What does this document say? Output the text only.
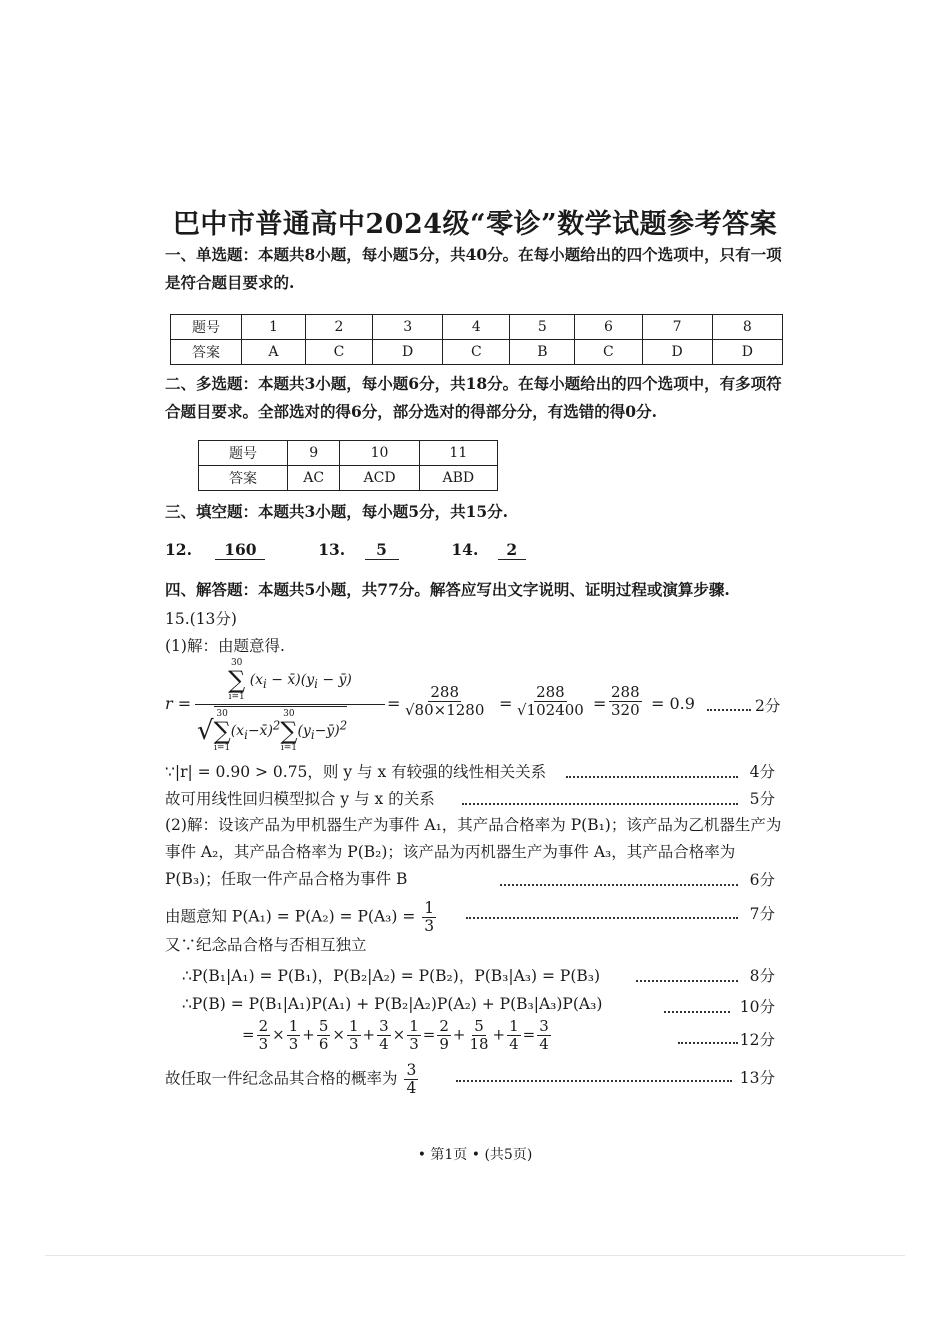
巴中市普通高中2024级“零诊”数学试题参考答案
一、单选题：本题共8小题，每小题5分，共40分。在每小题给出的四个选项中，只有一项是符合题目要求的.
题号	1	2	3	4	5	6	7	8
答案	A	C	D	C	B	C	D	D
二、多选题：本题共3小题，每小题6分，共18分。在每小题给出的四个选项中，有多项符合题目要求。全部选对的得6分，部分选对的得部分分，有选错的得0分.
题号	9	10	11
答案	AC	ACD	ABD
三、填空题：本题共3小题，每小题5分，共15分.
12. 160	13. 5	14. 2
四、解答题：本题共5小题，共77分。解答应写出文字说明、证明过程或演算步骤.
15.(13分)
(1)解：由题意得.
r =
30
∑
i=1
($x_i$ − $x̄)(y_i$ − ȳ)
√
30
∑
i=1
$(x_i-x̄)^2$
30
∑
i=1
$(y_i-ȳ)^2$
= $\frac{288}{√80\times 1280} = \frac{288}{√102400} = \frac{288}{320} = 0.9$	2分
∵|r| = 0.90 > 0.75，则 y 与 x 有较强的线性相关关系	4分
故可用线性回归模型拟合 y 与 x 的关系	5分
(2)解：设该产品为甲机器生产为事件 A₁，其产品合格率为 P(B₁)；该产品为乙机器生产为事件 A₂，其产品合格率为 P(B₂)；该产品为丙机器生产为事件 A₃，其产品合格率为 P(B₃)；任取一件产品合格为事件 B	6分
由题意知 $P(A_1) = P(A_2) = P(A_3) = \frac{1}{3}$	7分
又∵纪念品合格与否相互独立
∴P(B₁|A₁) = P(B₁)，P(B₂|A₂) = P(B₂)，P(B₃|A₃) = P(B₃)	8分
∴P(B) = P(B₁|A₁)P(A₁) + P(B₂|A₂)P(A₂) + P(B₃|A₃)P(A₃)	10分
= $\frac{2}{3} \times \frac{1}{3} + \frac{5}{6} \times \frac{1}{3} + \frac{3}{4} \times \frac{1}{3} = \frac{2}{9} + \frac{5}{18} + \frac{1}{4} = \frac{3}{4}$	12分
故任取一件纪念品其合格的概率为 $\frac{3}{4}$	13分
• 第1页 • (共5页)
